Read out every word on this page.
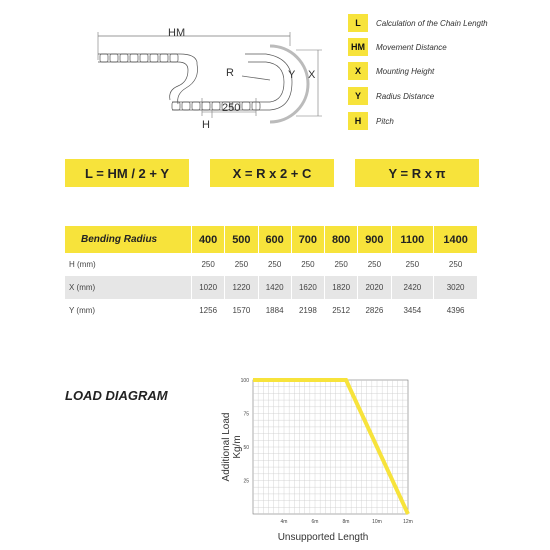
HM
R	Y X
250
H
L	Calculation of the Chain Length
HM	Movement Distance
X	Mounting Height
Y	Radius Distance
H	Pitch
L = HM / 2 + Y	X = R x 2 + C	Y = R x π
Bending Radius	400	500	600	700	800	900	1100	1400
H (mm)	250	250	250	250	250	250	250	250
X (mm)	1020	1220	1420	1620	1820	2020	2420	3020
Y (mm)	1256	1570	1884	2198	2512	2826	3454	4396
LOAD DIAGRAM
25
50
75
100
4m	6m	8m	10m	12m
Additional Load Kg/m
Unsupported Length
